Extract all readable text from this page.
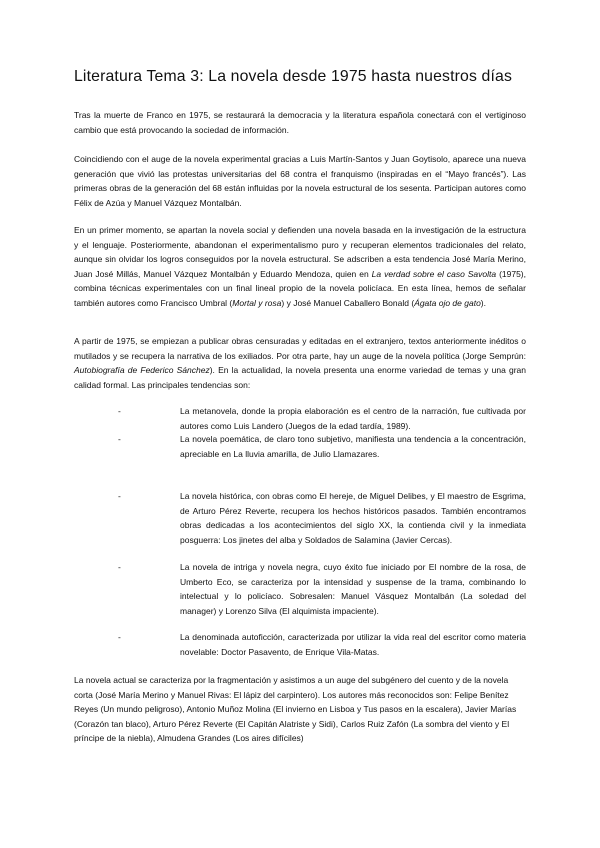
Literatura Tema 3: La novela desde 1975 hasta nuestros días

Tras la muerte de Franco en 1975, se restaurará la democracia y la literatura española conectará con el vertiginoso cambio que está provocando la sociedad de información.

Coincidiendo con el auge de la novela experimental gracias a Luis Martín-Santos y Juan Goytisolo, aparece una nueva generación que vivió las protestas universitarias del 68 contra el franquismo (inspiradas en el “Mayo francés”). Las primeras obras de la generación del 68 están influidas por la novela estructural de los sesenta. Participan autores como Félix de Azúa y Manuel Vázquez Montalbán.

En un primer momento, se apartan la novela social y defienden una novela basada en la investigación de la estructura y el lenguaje. Posteriormente, abandonan el experimentalismo puro y recuperan elementos tradicionales del relato, aunque sin olvidar los logros conseguidos por la novela estructural. Se adscriben a esta tendencia José María Merino, Juan José Millás, Manuel Vázquez Montalbán y Eduardo Mendoza, quien en La verdad sobre el caso Savolta (1975), combina técnicas experimentales con un final lineal propio de la novela policíaca. En esta línea, hemos de señalar también autores como Francisco Umbral (Mortal y rosa) y José Manuel Caballero Bonald (Ágata ojo de gato).

A partir de 1975, se empiezan a publicar obras censuradas y editadas en el extranjero, textos anteriormente inéditos o mutilados y se recupera la narrativa de los exiliados. Por otra parte, hay un auge de la novela política (Jorge Semprún: Autobiografía de Federico Sánchez). En la actualidad, la novela presenta una enorme variedad de temas y una gran calidad formal. Las principales tendencias son:

-	La metanovela, donde la propia elaboración es el centro de la narración, fue cultivada por autores como Luis Landero (Juegos de la edad tardía, 1989).
-	La novela poemática, de claro tono subjetivo, manifiesta una tendencia a la concentración, apreciable en La lluvia amarilla, de Julio Llamazares.
-	La novela histórica, con obras como El hereje, de Miguel Delibes, y El maestro de Esgrima, de Arturo Pérez Reverte, recupera los hechos históricos pasados. También encontramos obras dedicadas a los acontecimientos del siglo XX, la contienda civil y la inmediata posguerra: Los jinetes del alba y Soldados de Salamina (Javier Cercas).
-	La novela de intriga y novela negra, cuyo éxito fue iniciado por El nombre de la rosa, de Umberto Eco, se caracteriza por la intensidad y suspense de la trama, combinando lo intelectual y lo policíaco. Sobresalen: Manuel Vásquez Montalbán (La soledad del manager) y Lorenzo Silva (El alquimista impaciente).
-	La denominada autoficción, caracterizada por utilizar la vida real del escritor como materia novelable: Doctor Pasavento, de Enrique Vila-Matas.

La novela actual se caracteriza por la fragmentación y asistimos a un auge del subgénero del cuento y de la novela corta (José María Merino y Manuel Rivas: El lápiz del carpintero). Los autores más reconocidos son: Felipe Benítez Reyes (Un mundo peligroso), Antonio Muñoz Molina (El invierno en Lisboa y Tus pasos en la escalera), Javier Marías (Corazón tan blaco), Arturo Pérez Reverte (El Capitán Alatriste y Sidi), Carlos Ruiz Zafón (La sombra del viento y El príncipe de la niebla), Almudena Grandes (Los aires difíciles)
